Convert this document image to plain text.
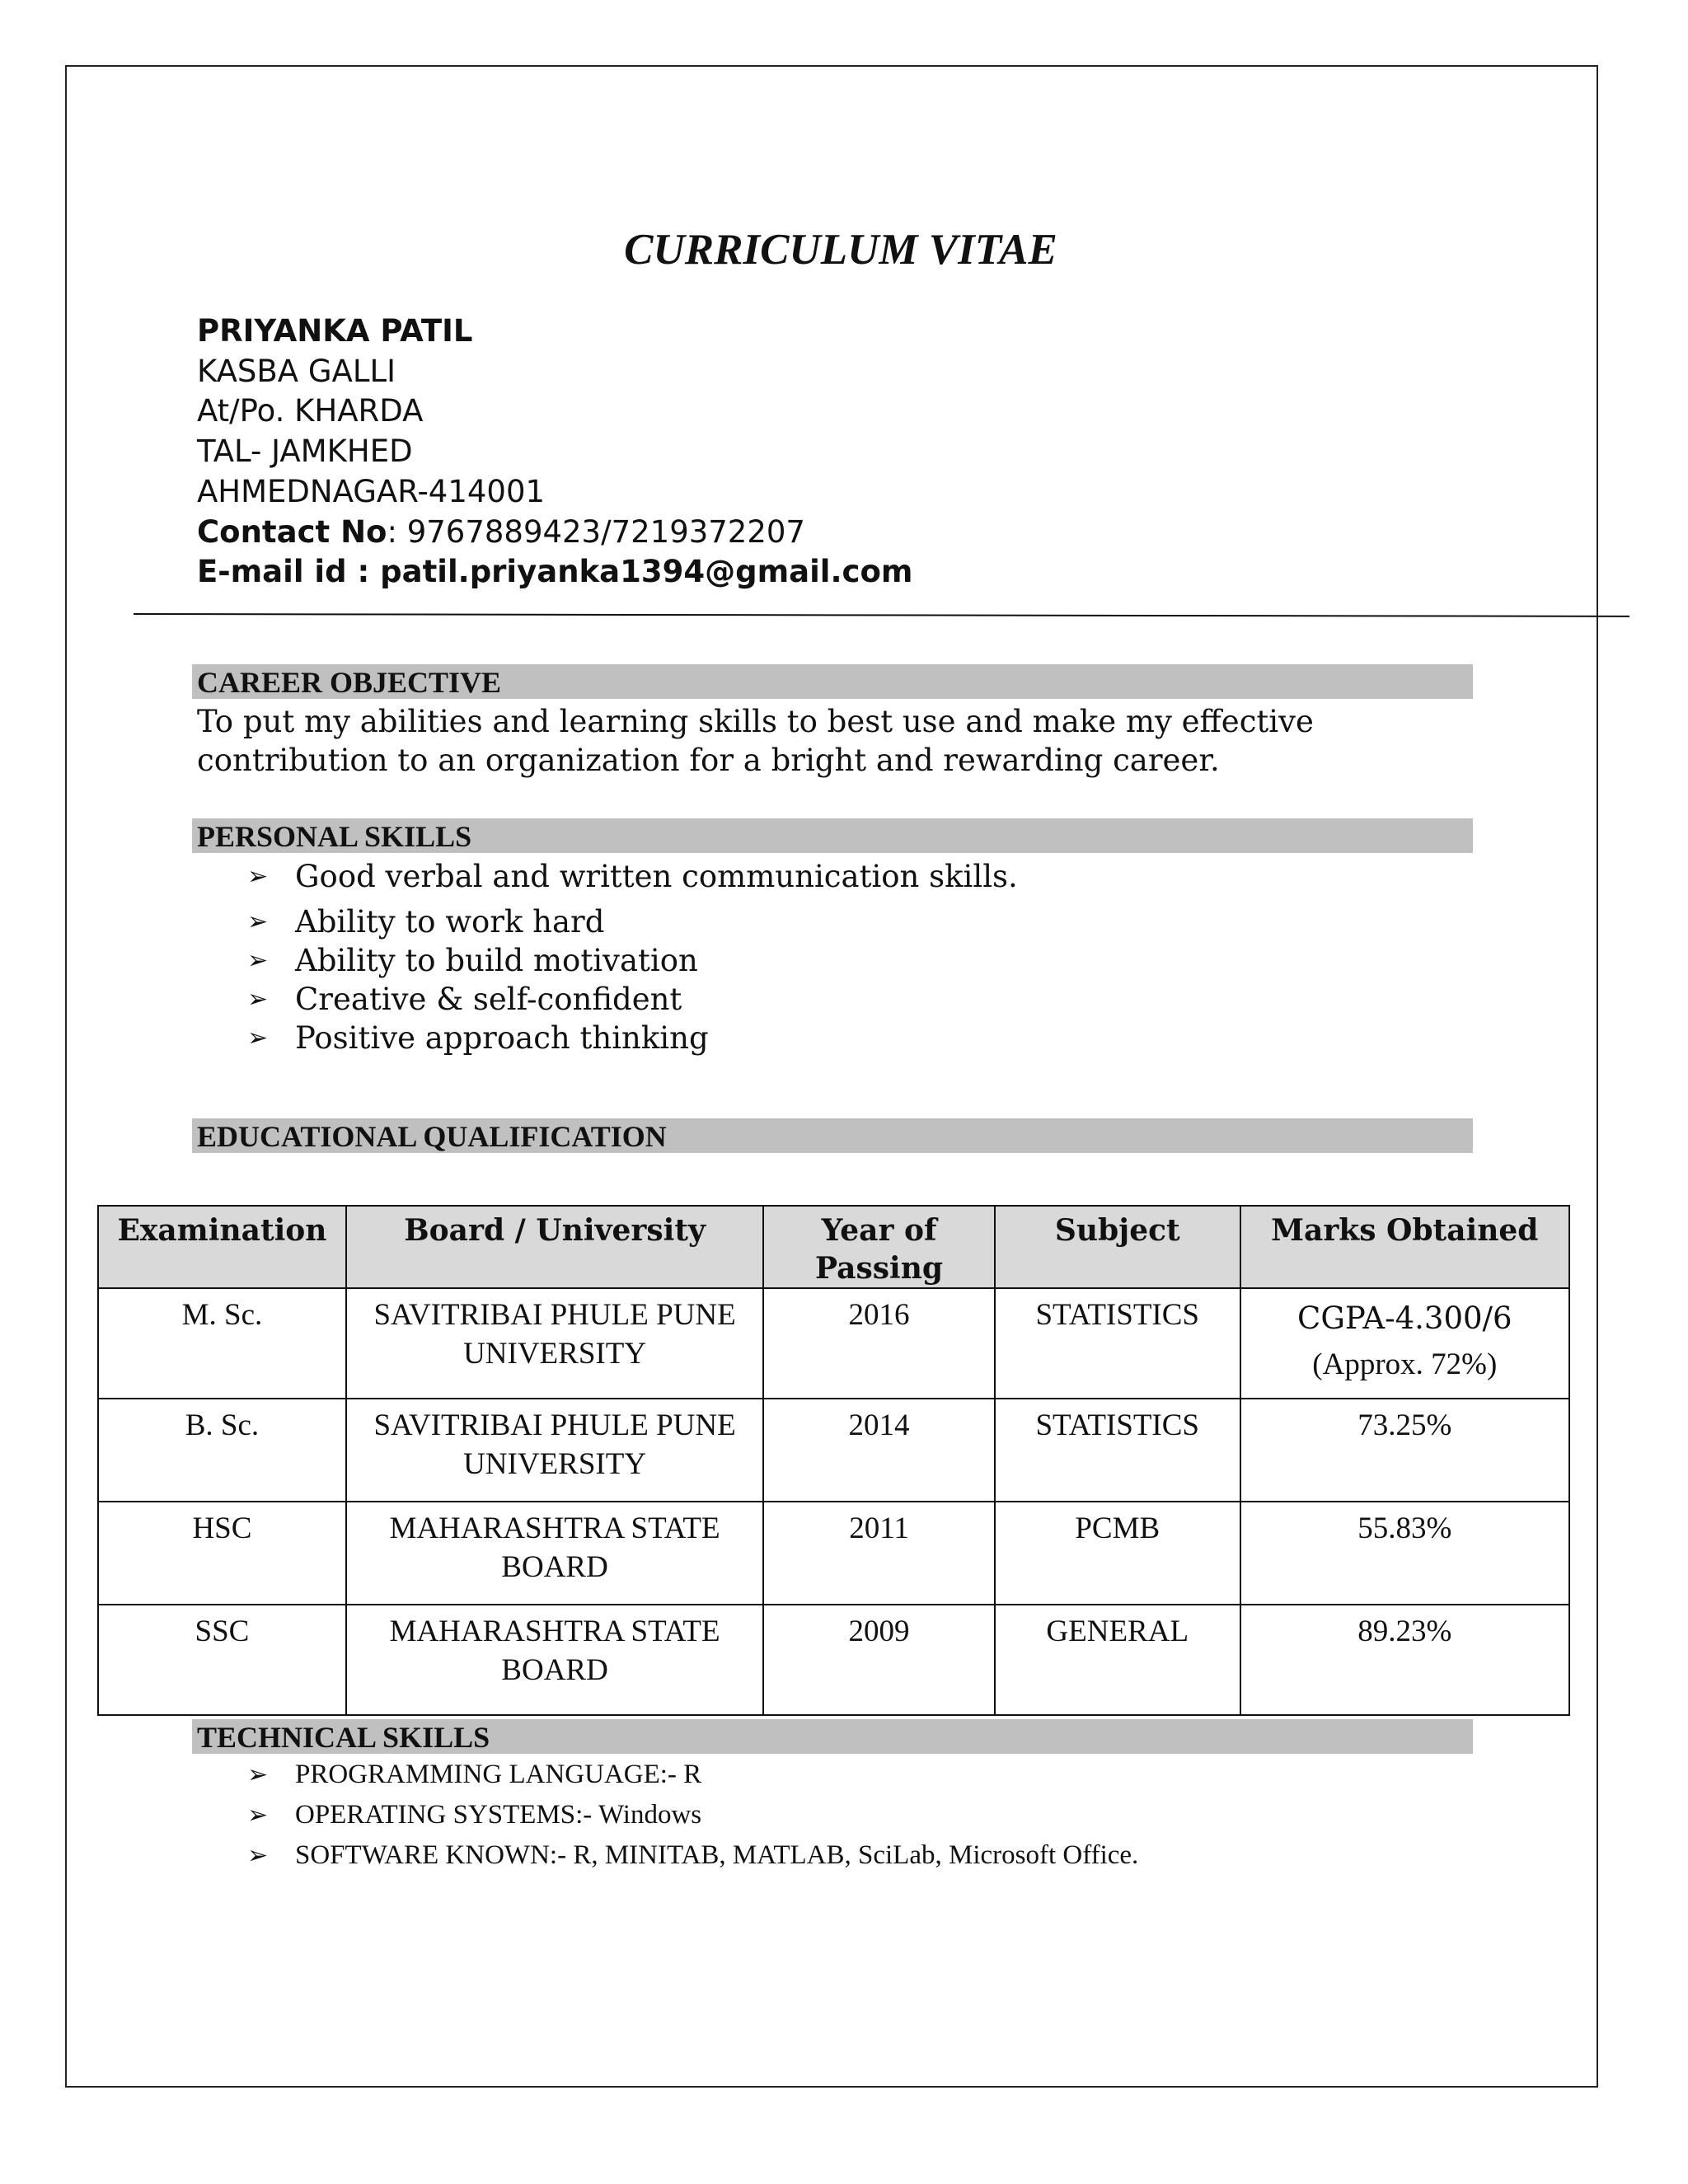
CURRICULUM VITAE
PRIYANKA PATIL
KASBA GALLI
At/Po. KHARDA
TAL- JAMKHED
AHMEDNAGAR-414001
Contact No: 9767889423/7219372207
E-mail id : patil.priyanka1394@gmail.com
CAREER OBJECTIVE
To put my abilities and learning skills to best use and make my effective contribution to an organization for a bright and rewarding career.
PERSONAL SKILLS
➢ Good verbal and written communication skills.
➢ Ability to work hard
➢ Ability to build motivation
➢ Creative & self-confident
➢ Positive approach thinking
EDUCATIONAL QUALIFICATION
Examination	Board / University	Year of Passing	Subject	Marks Obtained
M. Sc.	SAVITRIBAI PHULE PUNE UNIVERSITY	2016	STATISTICS	CGPA-4.300/6
(Approx. 72%)

B. Sc.	SAVITRIBAI PHULE PUNE UNIVERSITY	2014	STATISTICS	73.25%
HSC	MAHARASHTRA STATE BOARD	2011	PCMB	55.83%
SSC	MAHARASHTRA STATE BOARD	2009	GENERAL	89.23%
TECHNICAL SKILLS
➢ PROGRAMMING LANGUAGE:- R
➢ OPERATING SYSTEMS:- Windows
➢ SOFTWARE KNOWN:- R, MINITAB, MATLAB, SciLab, Microsoft Office.
